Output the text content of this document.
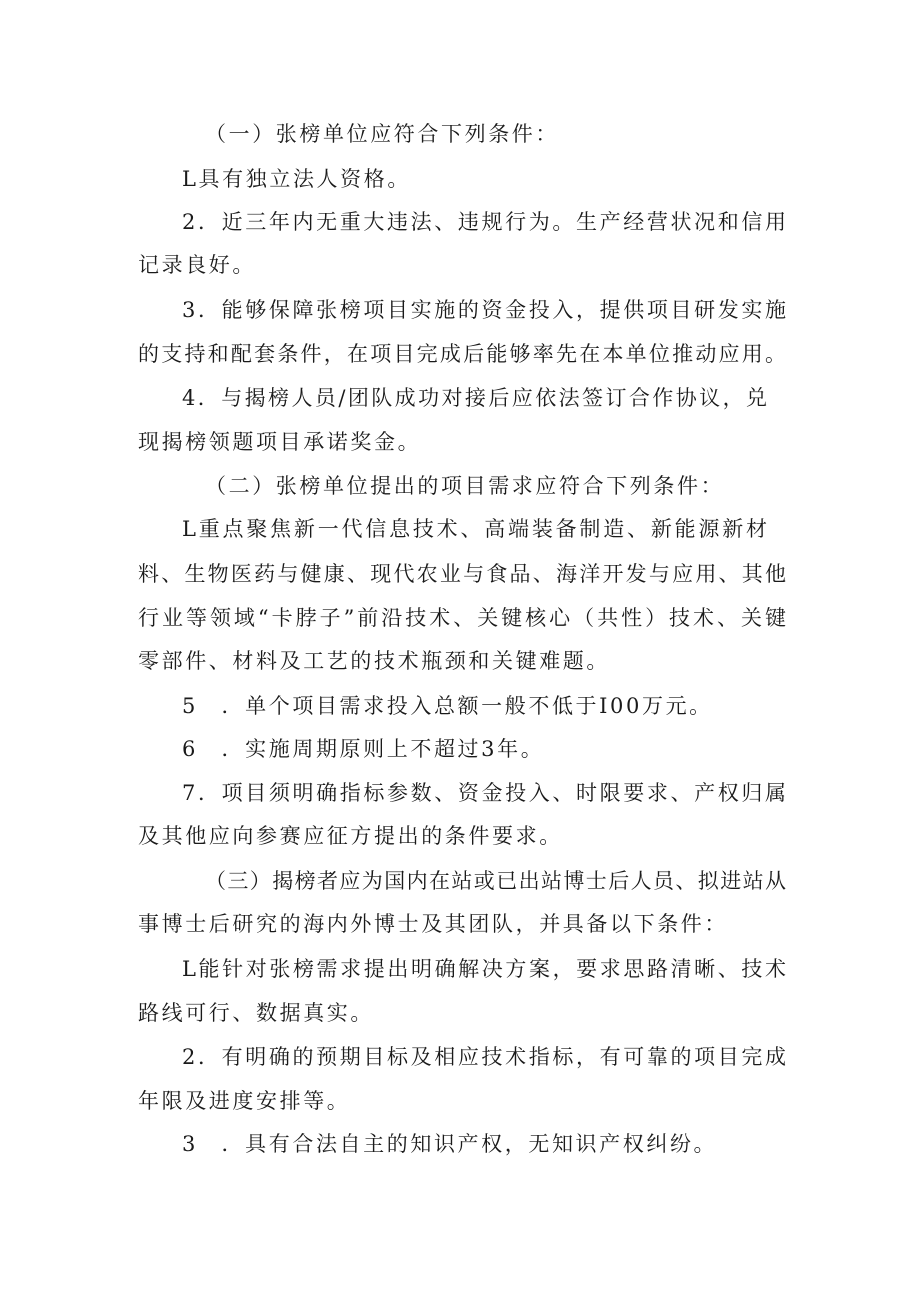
（一）张榜单位应符合下列条件：
L具有独立法人资格。
2．近三年内无重大违法、违规行为。生产经营状况和信用
记录良好。
3．能够保障张榜项目实施的资金投入，提供项目研发实施
的支持和配套条件，在项目完成后能够率先在本单位推动应用。
4．与揭榜人员/团队成功对接后应依法签订合作协议，兑
现揭榜领题项目承诺奖金。
（二）张榜单位提出的项目需求应符合下列条件：
L重点聚焦新一代信息技术、高端装备制造、新能源新材
料、生物医药与健康、现代农业与食品、海洋开发与应用、其他
行业等领域“卡脖子”前沿技术、关键核心（共性）技术、关键
零部件、材料及工艺的技术瓶颈和关键难题。
5　．单个项目需求投入总额一般不低于I00万元。
6　．实施周期原则上不超过3年。
7．项目须明确指标参数、资金投入、时限要求、产权归属
及其他应向参赛应征方提出的条件要求。
（三）揭榜者应为国内在站或已出站博士后人员、拟进站从
事博士后研究的海内外博士及其团队，并具备以下条件：
L能针对张榜需求提出明确解决方案，要求思路清晰、技术
路线可行、数据真实。
2．有明确的预期目标及相应技术指标，有可靠的项目完成
年限及进度安排等。
3　．具有合法自主的知识产权，无知识产权纠纷。
